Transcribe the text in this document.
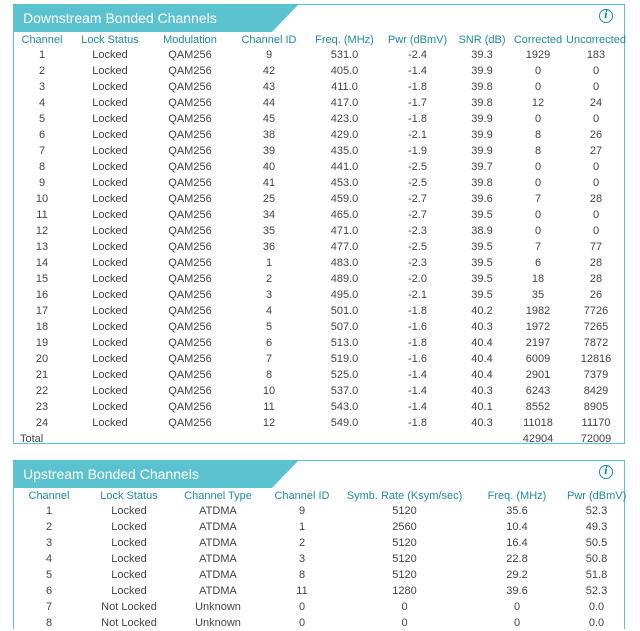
Downstream Bonded Channels	i
Channel	Lock Status	Modulation	Channel ID	Freq. (MHz)	Pwr (dBmV)	SNR (dB)	Corrected	Uncorrected
1	Locked	QAM256	9	531.0	-2.4	39.3	1929	183
2	Locked	QAM256	42	405.0	-1.4	39.9	0	0
3	Locked	QAM256	43	411.0	-1.8	39.8	0	0
4	Locked	QAM256	44	417.0	-1.7	39.8	12	24
5	Locked	QAM256	45	423.0	-1.8	39.9	0	0
6	Locked	QAM256	38	429.0	-2.1	39.9	8	26
7	Locked	QAM256	39	435.0	-1.9	39.9	8	27
8	Locked	QAM256	40	441.0	-2.5	39.7	0	0
9	Locked	QAM256	41	453.0	-2.5	39.8	0	0
10	Locked	QAM256	25	459.0	-2.7	39.6	7	28
11	Locked	QAM256	34	465.0	-2.7	39.5	0	0
12	Locked	QAM256	35	471.0	-2.3	38.9	0	0
13	Locked	QAM256	36	477.0	-2.5	39.5	7	77
14	Locked	QAM256	1	483.0	-2.3	39.5	6	28
15	Locked	QAM256	2	489.0	-2.0	39.5	18	28
16	Locked	QAM256	3	495.0	-2.1	39.5	35	26
17	Locked	QAM256	4	501.0	-1.8	40.2	1982	7726
18	Locked	QAM256	5	507.0	-1.6	40.3	1972	7265
19	Locked	QAM256	6	513.0	-1.8	40.4	2197	7872
20	Locked	QAM256	7	519.0	-1.6	40.4	6009	12816
21	Locked	QAM256	8	525.0	-1.4	40.4	2901	7379
22	Locked	QAM256	10	537.0	-1.4	40.3	6243	8429
23	Locked	QAM256	11	543.0	-1.4	40.1	8552	8905
24	Locked	QAM256	12	549.0	-1.8	40.3	11018	11170
Total							42904	72009
Upstream Bonded Channels	i
Channel	Lock Status	Channel Type	Channel ID	Symb. Rate (Ksym/sec)	Freq. (MHz)	Pwr (dBmV)
1	Locked	ATDMA	9	5120	35.6	52.3
2	Locked	ATDMA	1	2560	10.4	49.3
3	Locked	ATDMA	2	5120	16.4	50.5
4	Locked	ATDMA	3	5120	22.8	50.8
5	Locked	ATDMA	8	5120	29.2	51.8
6	Locked	ATDMA	11	1280	39.6	52.3
7	Not Locked	Unknown	0	0	0	0.0
8	Not Locked	Unknown	0	0	0	0.0
